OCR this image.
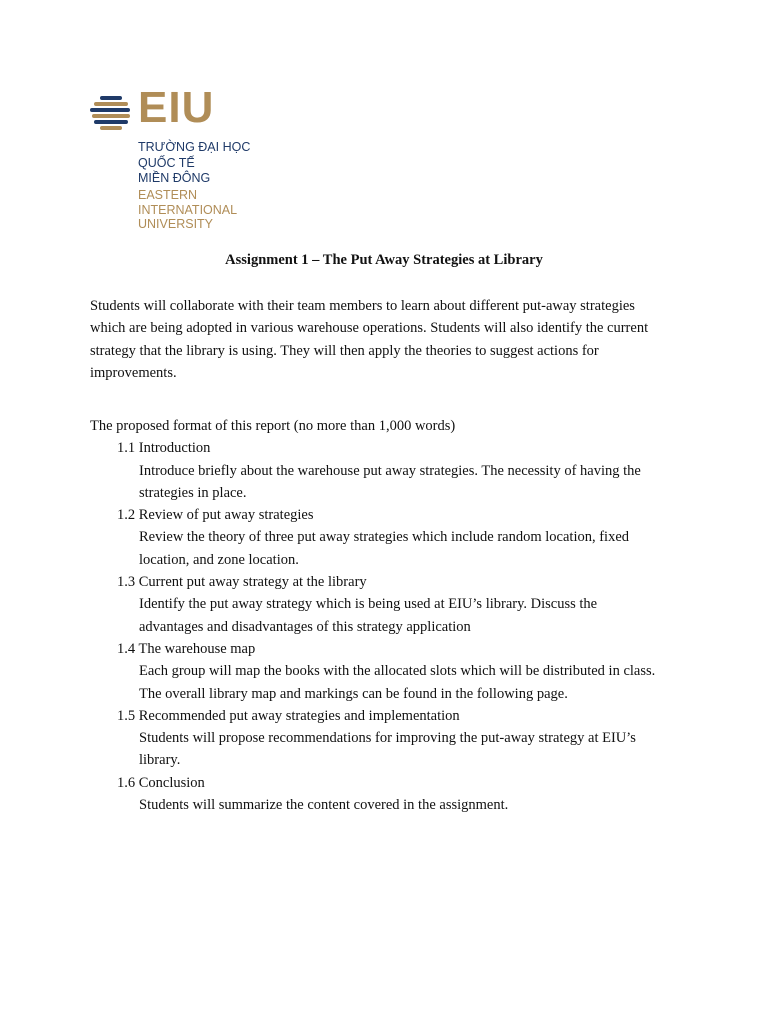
EIU
TRƯỜNG ĐẠI HỌC
QUỐC TẾ
MIỀN ĐÔNG
EASTERN
INTERNATIONAL
UNIVERSITY
Assignment 1 – The Put Away Strategies at Library
Students will collaborate with their team members to learn about different put-away strategies
which are being adopted in various warehouse operations. Students will also identify the current
strategy that the library is using. They will then apply the theories to suggest actions for
improvements.
The proposed format of this report (no more than 1,000 words)
1.1 Introduction
Introduce briefly about the warehouse put away strategies. The necessity of having the
strategies in place.
1.2 Review of put away strategies
Review the theory of three put away strategies which include random location, fixed
location, and zone location.
1.3 Current put away strategy at the library
Identify the put away strategy which is being used at EIU’s library. Discuss the
advantages and disadvantages of this strategy application
1.4 The warehouse map
Each group will map the books with the allocated slots which will be distributed in class.
The overall library map and markings can be found in the following page.
1.5 Recommended put away strategies and implementation
Students will propose recommendations for improving the put-away strategy at EIU’s
library.
1.6 Conclusion
Students will summarize the content covered in the assignment.
